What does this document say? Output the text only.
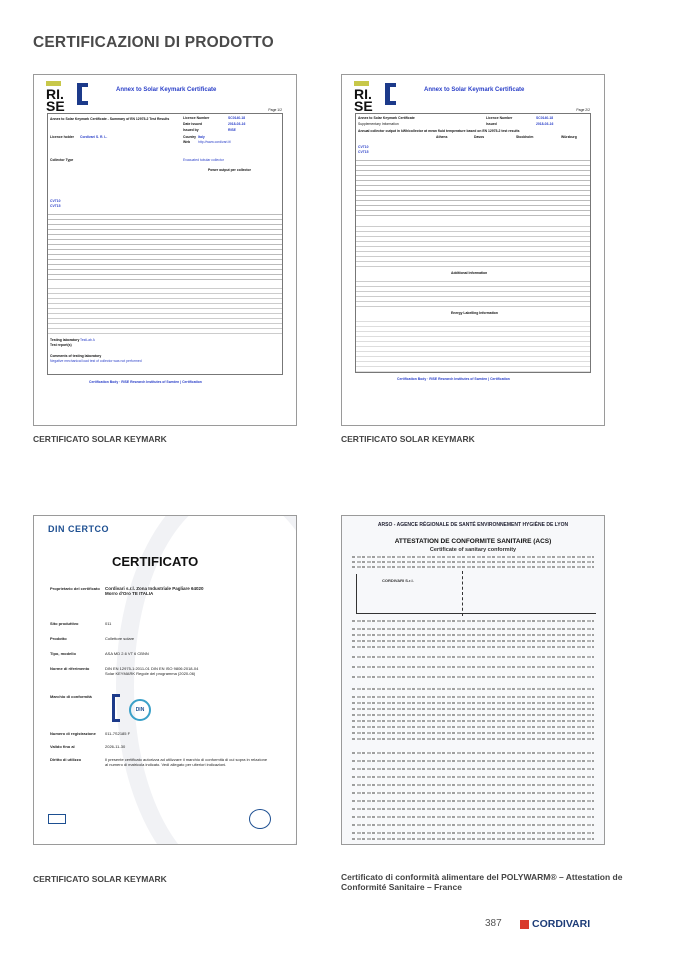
CERTIFICAZIONI DI PRODOTTO
RI.
SE
Annex to Solar Keymark Certificate
Page 1/2
Annex to Solar Keymark Certificate - Summary of EN 12975-2 Test Results	Licence Number	SC0140-18
Date issued	2018-03-16
Issued by	RISE
Licence holder Cordivari S. R. L.	Country Italy
Web http://www.cordivari.it/
Collector Type	Evacuated tubular collector
Power output per collector
CVT10
CVT15
Testing laboratory TestLab A
Test report(s)
Comments of testing laboratory
Negative mechanical load test of collector was not performed
Certification Body · RISE Research Institutes of Sweden | Certification
RI.
SE
Annex to Solar Keymark Certificate
Page 2/2
Annex to Solar Keymark Certificate
Supplementary Information
Licence Number	SC0140-18
Issued	2018-03-16
Annual collector output in kWh/collector at mean fluid temperature based on EN 12975-2 test results
Athens	Davos	Stockholm	Würzburg
CVT10
CVT15
Additional Information
Energy Labelling Information
Certification Body · RISE Research Institutes of Sweden | Certification
DIN CERTCO
CERTIFICATO
Proprietario del certificato	Cordivari s.r.l. Zona Industriale Pagliare 64020 Morro d'Oro TE ITALIA
Sito produttivo	011
Prodotto	Collettore solare
Tipo, modello	ASA MD 2.6 VT 6 CBNN
Norme di riferimento	DIN EN 12975-1:2011-01 DIN EN ISO 9806:2018-04 Solar KEYMARK Regole del programma (2020-06)
Marchio di conformità
DIN
Numero di registrazione	011-7S2185 F
Valido fino al	2026-11-30
Diritto di utilizzo	Il presente certificato autorizza ad utilizzare il marchio di conformità di cui sopra in relazione al numero di matricola indicato. Vedi allegato per ulteriori indicazioni.
ARSO - AGENCE RÉGIONALE DE SANTÉ ENVIRONNEMENT HYGIÈNE DE LYON
ATTESTATION DE CONFORMITE SANITAIRE (ACS)
Certificate of sanitary conformity
CORDIVARI S.r.l.
CERTIFICATO SOLAR KEYMARK	CERTIFICATO SOLAR KEYMARK
CERTIFICATO SOLAR KEYMARK	Certificato di conformità alimentare del POLYWARM® – Attestation de Conformité Sanitaire – France
387	CORDIVARI
